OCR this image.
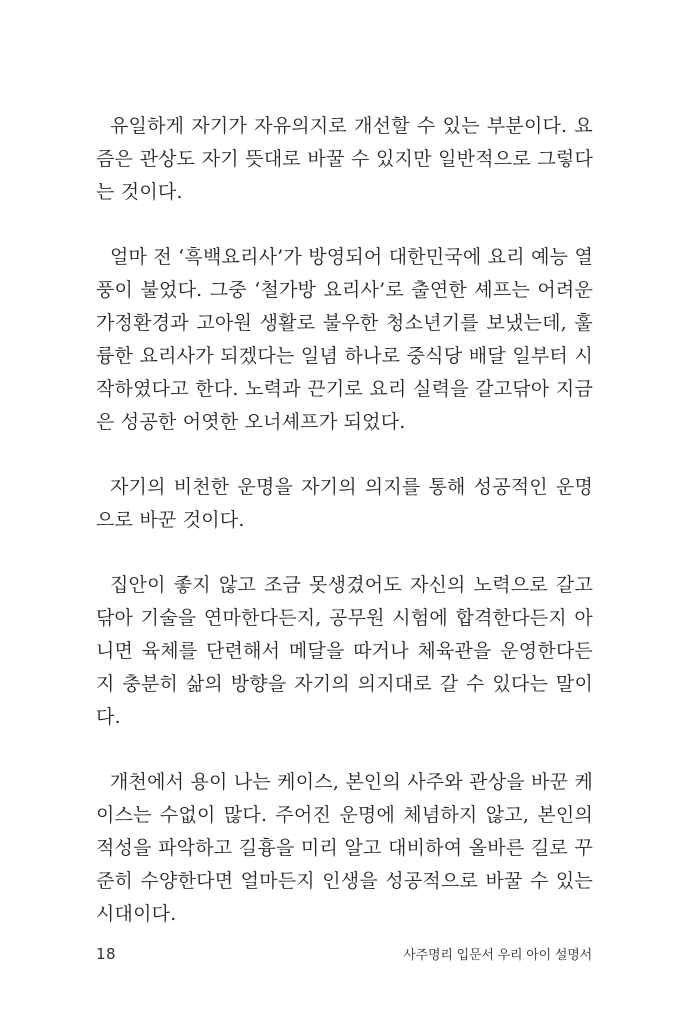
유일하게 자기가 자유의지로 개선할 수 있는 부분이다. 요즘은 관상도 자기 뜻대로 바꿀 수 있지만 일반적으로 그렇다는 것이다.

얼마 전 ‘흑백요리사’가 방영되어 대한민국에 요리 예능 열풍이 불었다. 그중 ‘철가방 요리사’로 출연한 셰프는 어려운 가정환경과 고아원 생활로 불우한 청소년기를 보냈는데, 훌륭한 요리사가 되겠다는 일념 하나로 중식당 배달 일부터 시작하였다고 한다. 노력과 끈기로 요리 실력을 갈고닦아 지금은 성공한 어엿한 오너셰프가 되었다.

자기의 비천한 운명을 자기의 의지를 통해 성공적인 운명으로 바꾼 것이다.

집안이 좋지 않고 조금 못생겼어도 자신의 노력으로 갈고닦아 기술을 연마한다든지, 공무원 시험에 합격한다든지 아니면 육체를 단련해서 메달을 따거나 체육관을 운영한다든지 충분히 삶의 방향을 자기의 의지대로 갈 수 있다는 말이다.

개천에서 용이 나는 케이스, 본인의 사주와 관상을 바꾼 케이스는 수없이 많다. 주어진 운명에 체념하지 않고, 본인의 적성을 파악하고 길흉을 미리 알고 대비하여 올바른 길로 꾸준히 수양한다면 얼마든지 인생을 성공적으로 바꿀 수 있는 시대이다.

18	사주명리 입문서 우리 아이 설명서
